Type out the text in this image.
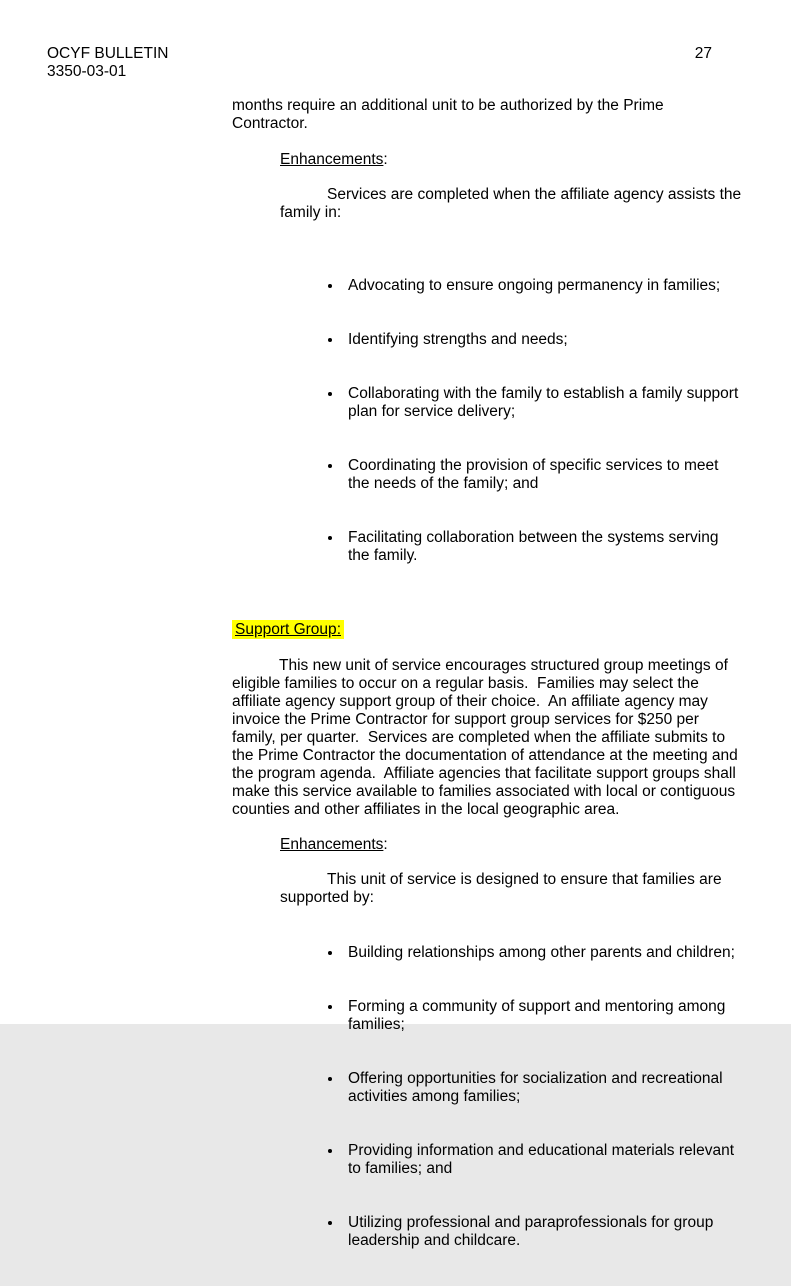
OCYF BULLETIN
3350-03-01
27
months require an additional unit to be authorized by the Prime
Contractor.
Enhancements:
Services are completed when the affiliate agency assists the
family in:

Advocating to ensure ongoing permanency in families;

Identifying strengths and needs;

Collaborating with the family to establish a family support
plan for service delivery;

Coordinating the provision of specific services to meet
the needs of the family; and

Facilitating collaboration between the systems serving
the family.

Support Group:
This new unit of service encourages structured group meetings of
eligible families to occur on a regular basis.  Families may select the
affiliate agency support group of their choice.  An affiliate agency may
invoice the Prime Contractor for support group services for $250 per
family, per quarter.  Services are completed when the affiliate submits to
the Prime Contractor the documentation of attendance at the meeting and
the program agenda.  Affiliate agencies that facilitate support groups shall
make this service available to families associated with local or contiguous
counties and other affiliates in the local geographic area.
Enhancements:
This unit of service is designed to ensure that families are
supported by:

Building relationships among other parents and children;

Forming a community of support and mentoring among
families;

Offering opportunities for socialization and recreational
activities among families;

Providing information and educational materials relevant
to families; and

Utilizing professional and paraprofessionals for group
leadership and childcare.
